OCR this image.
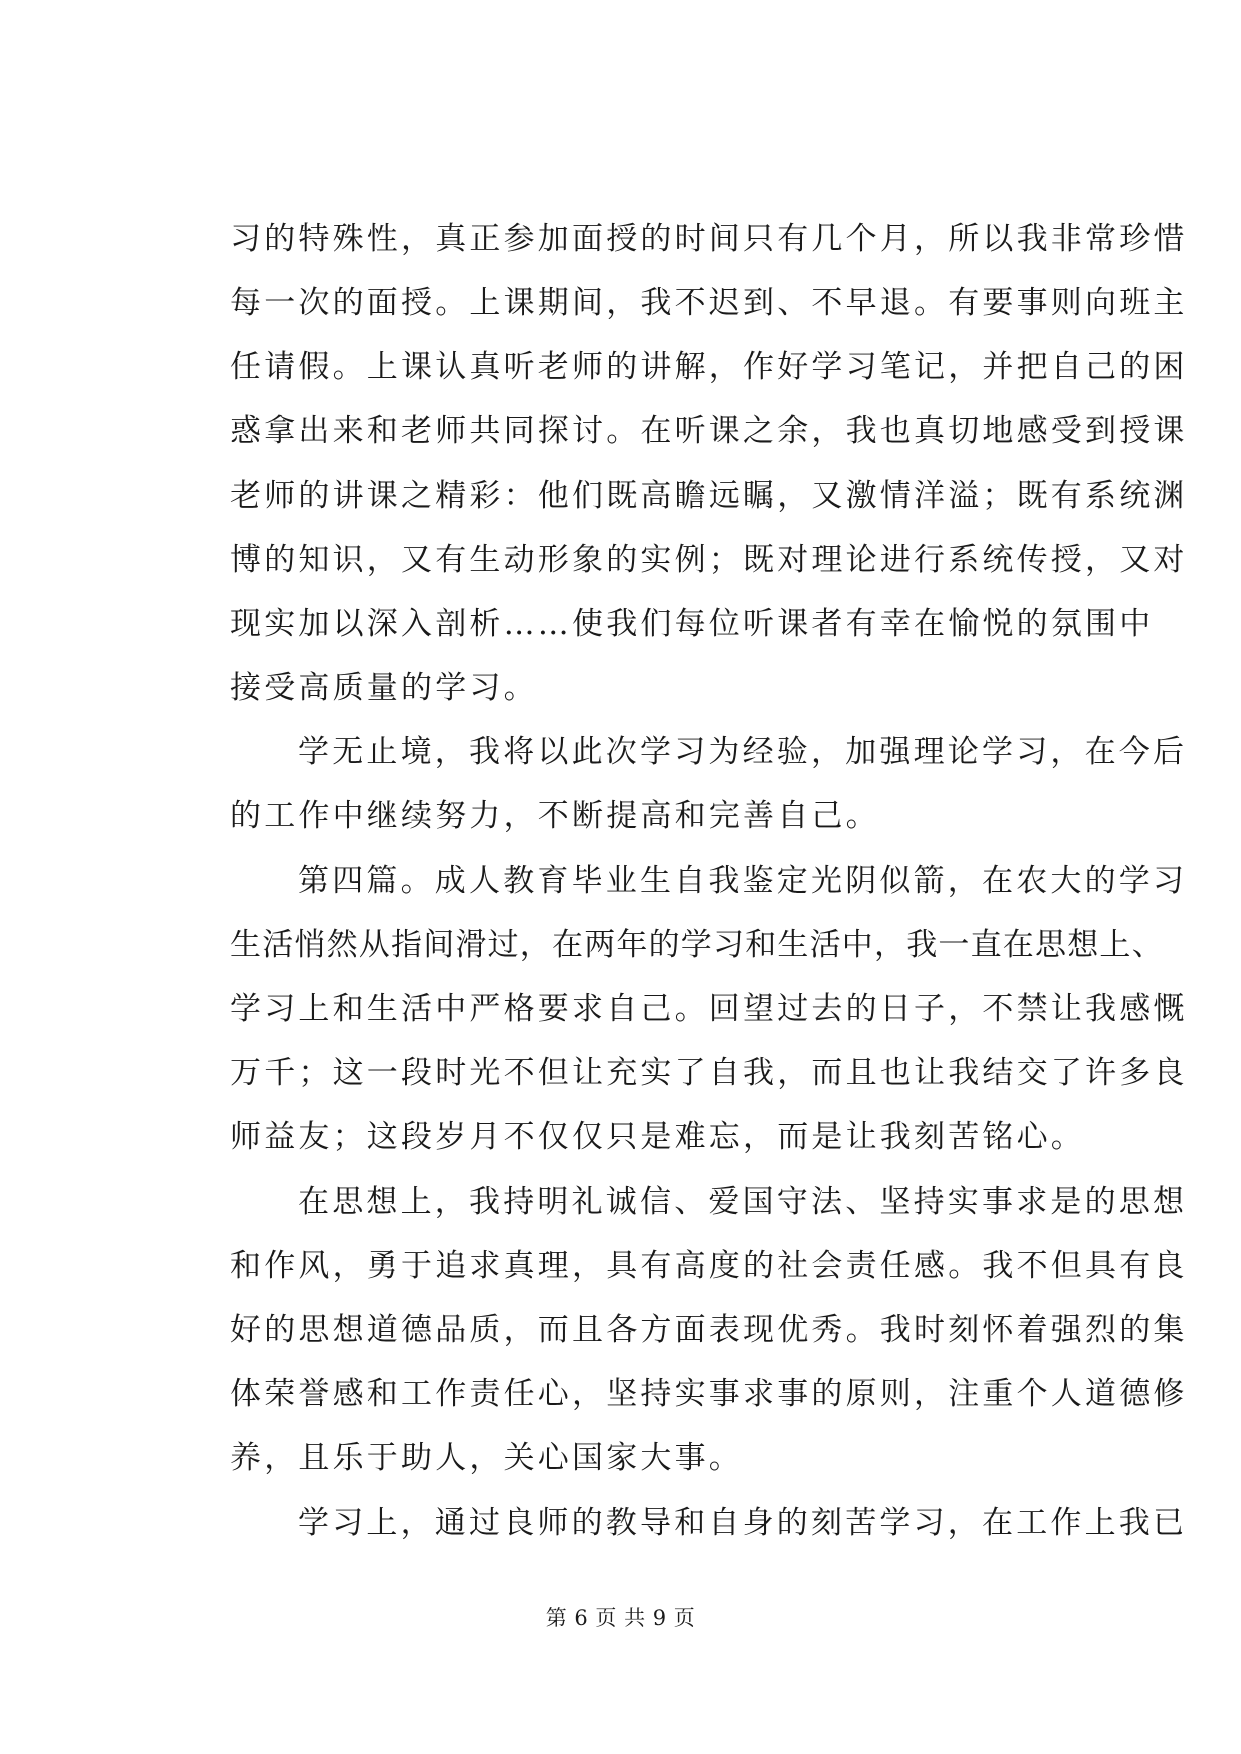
习的特殊性，真正参加面授的时间只有几个月，所以我非常珍惜
每一次的面授。上课期间，我不迟到、不早退。有要事则向班主
任请假。上课认真听老师的讲解，作好学习笔记，并把自己的困
惑拿出来和老师共同探讨。在听课之余，我也真切地感受到授课
老师的讲课之精彩：他们既高瞻远瞩，又激情洋溢；既有系统渊
博的知识，又有生动形象的实例；既对理论进行系统传授，又对
现实加以深入剖析……使我们每位听课者有幸在愉悦的氛围中
接受高质量的学习。
学无止境，我将以此次学习为经验，加强理论学习，在今后
的工作中继续努力，不断提高和完善自己。
第四篇。成人教育毕业生自我鉴定光阴似箭，在农大的学习
生活悄然从指间滑过，在两年的学习和生活中，我一直在思想上、
学习上和生活中严格要求自己。回望过去的日子，不禁让我感慨
万千；这一段时光不但让充实了自我，而且也让我结交了许多良
师益友；这段岁月不仅仅只是难忘，而是让我刻苦铭心。
在思想上，我持明礼诚信、爱国守法、坚持实事求是的思想
和作风，勇于追求真理，具有高度的社会责任感。我不但具有良
好的思想道德品质，而且各方面表现优秀。我时刻怀着强烈的集
体荣誉感和工作责任心，坚持实事求事的原则，注重个人道德修
养，且乐于助人，关心国家大事。
学习上，通过良师的教导和自身的刻苦学习，在工作上我已
第 6 页 共 9 页
